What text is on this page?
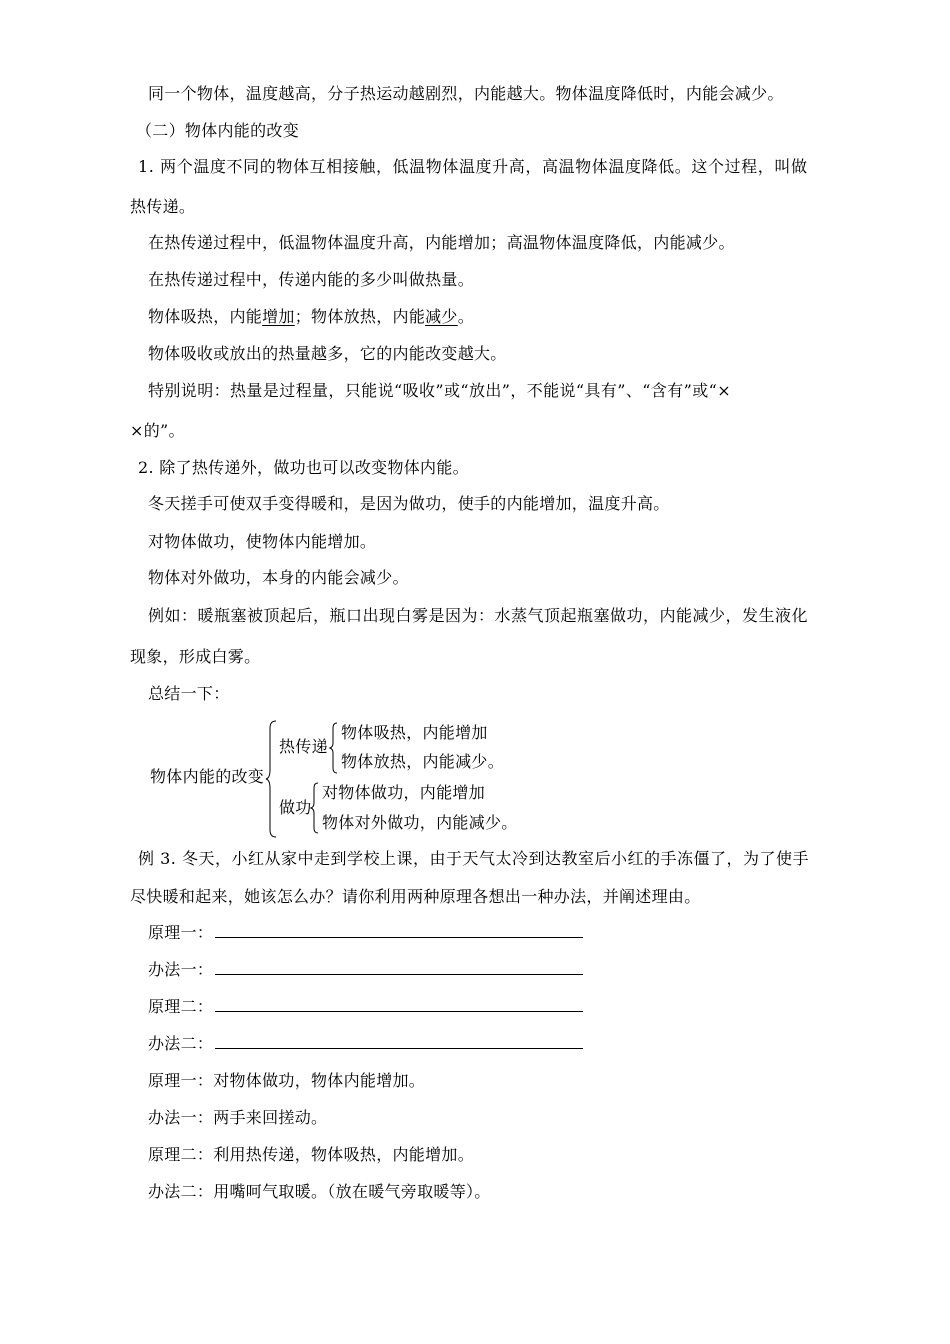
同一个物体，温度越高，分子热运动越剧烈，内能越大。物体温度降低时，内能会减少。
（二）物体内能的改变
1. 两个温度不同的物体互相接触，低温物体温度升高，高温物体温度降低。这个过程，叫做
热传递。
在热传递过程中，低温物体温度升高，内能增加；高温物体温度降低，内能减少。
在热传递过程中，传递内能的多少叫做热量。
物体吸热，内能增加；物体放热，内能减少。
物体吸收或放出的热量越多，它的内能改变越大。
特别说明：热量是过程量，只能说“吸收”或“放出”，不能说“具有”、“含有”或“×
×的”。
2. 除了热传递外，做功也可以改变物体内能。
冬天搓手可使双手变得暖和，是因为做功，使手的内能增加，温度升高。
对物体做功，使物体内能增加。
物体对外做功，本身的内能会减少。
例如：暖瓶塞被顶起后，瓶口出现白雾是因为：水蒸气顶起瓶塞做功，内能减少，发生液化
现象，形成白雾。
总结一下：
物体内能的改变
热传递
物体吸热，内能增加
物体放热，内能减少。
做功
对物体做功，内能增加
物体对外做功，内能减少。
例 3. 冬天，小红从家中走到学校上课，由于天气太冷到达教室后小红的手冻僵了，为了使手
尽快暖和起来，她该怎么办？请你利用两种原理各想出一种办法，并阐述理由。
原理一：
办法一：
原理二：
办法二：
原理一：对物体做功，物体内能增加。
办法一：两手来回搓动。
原理二：利用热传递，物体吸热，内能增加。
办法二：用嘴呵气取暖。（放在暖气旁取暖等）。
